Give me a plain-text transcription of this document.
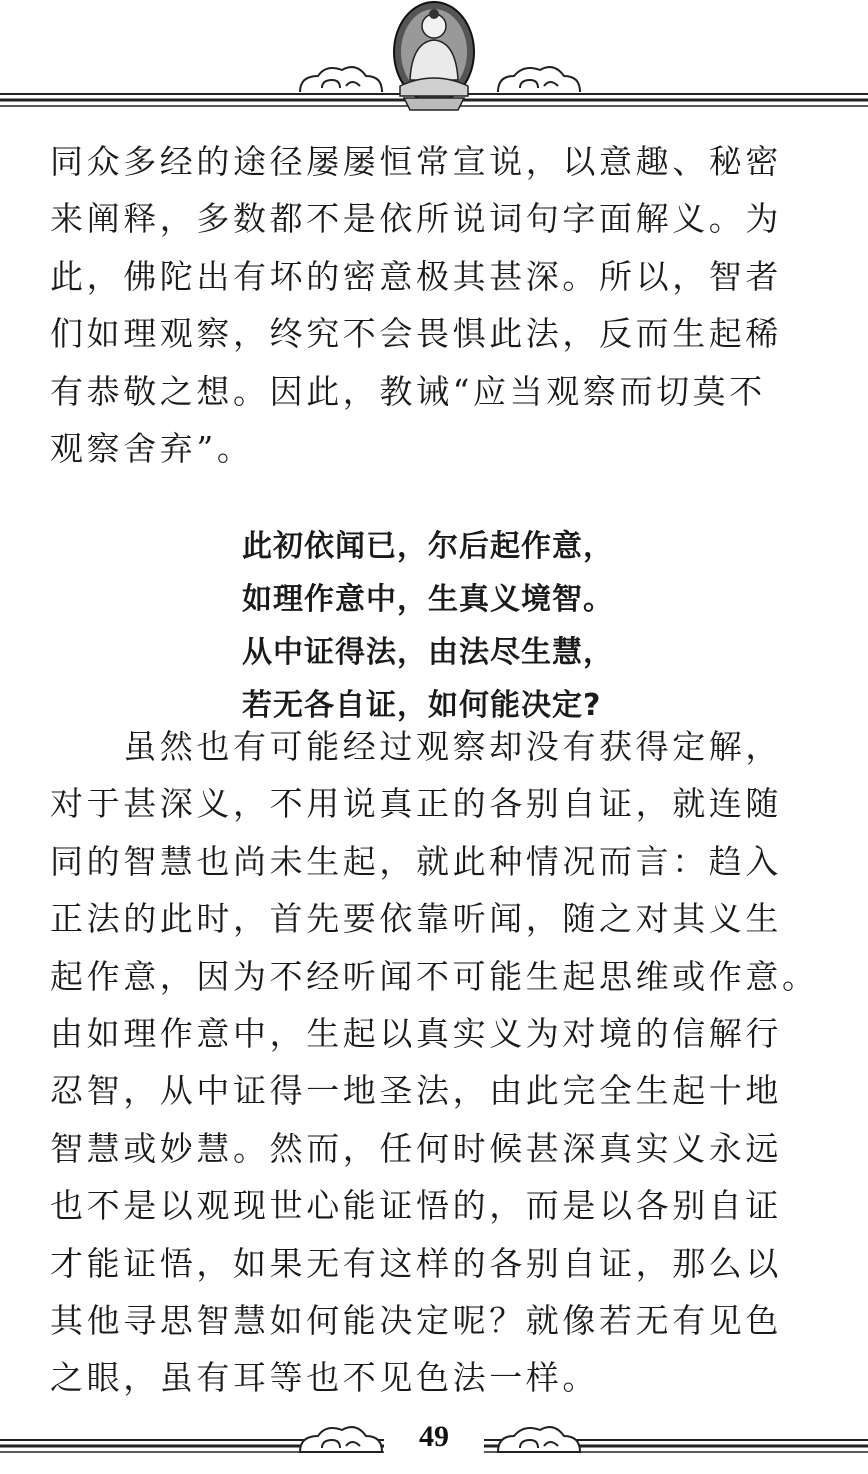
同众多经的途径屡屡恒常宣说，以意趣、秘密
来阐释，多数都不是依所说词句字面解义。为
此，佛陀出有坏的密意极其甚深。所以，智者
们如理观察，终究不会畏惧此法，反而生起稀
有恭敬之想。因此，教诫“应当观察而切莫不
观察舍弃”。
此初依闻已，尔后起作意，
如理作意中，生真义境智。
从中证得法，由法尽生慧，
若无各自证，如何能决定?
　　虽然也有可能经过观察却没有获得定解，
对于甚深义，不用说真正的各别自证，就连随
同的智慧也尚未生起，就此种情况而言：趋入
正法的此时，首先要依靠听闻，随之对其义生
起作意，因为不经听闻不可能生起思维或作意。
由如理作意中，生起以真实义为对境的信解行
忍智，从中证得一地圣法，由此完全生起十地
智慧或妙慧。然而，任何时候甚深真实义永远
也不是以观现世心能证悟的，而是以各别自证
才能证悟，如果无有这样的各别自证，那么以
其他寻思智慧如何能决定呢？就像若无有见色
之眼，虽有耳等也不见色法一样。
49
